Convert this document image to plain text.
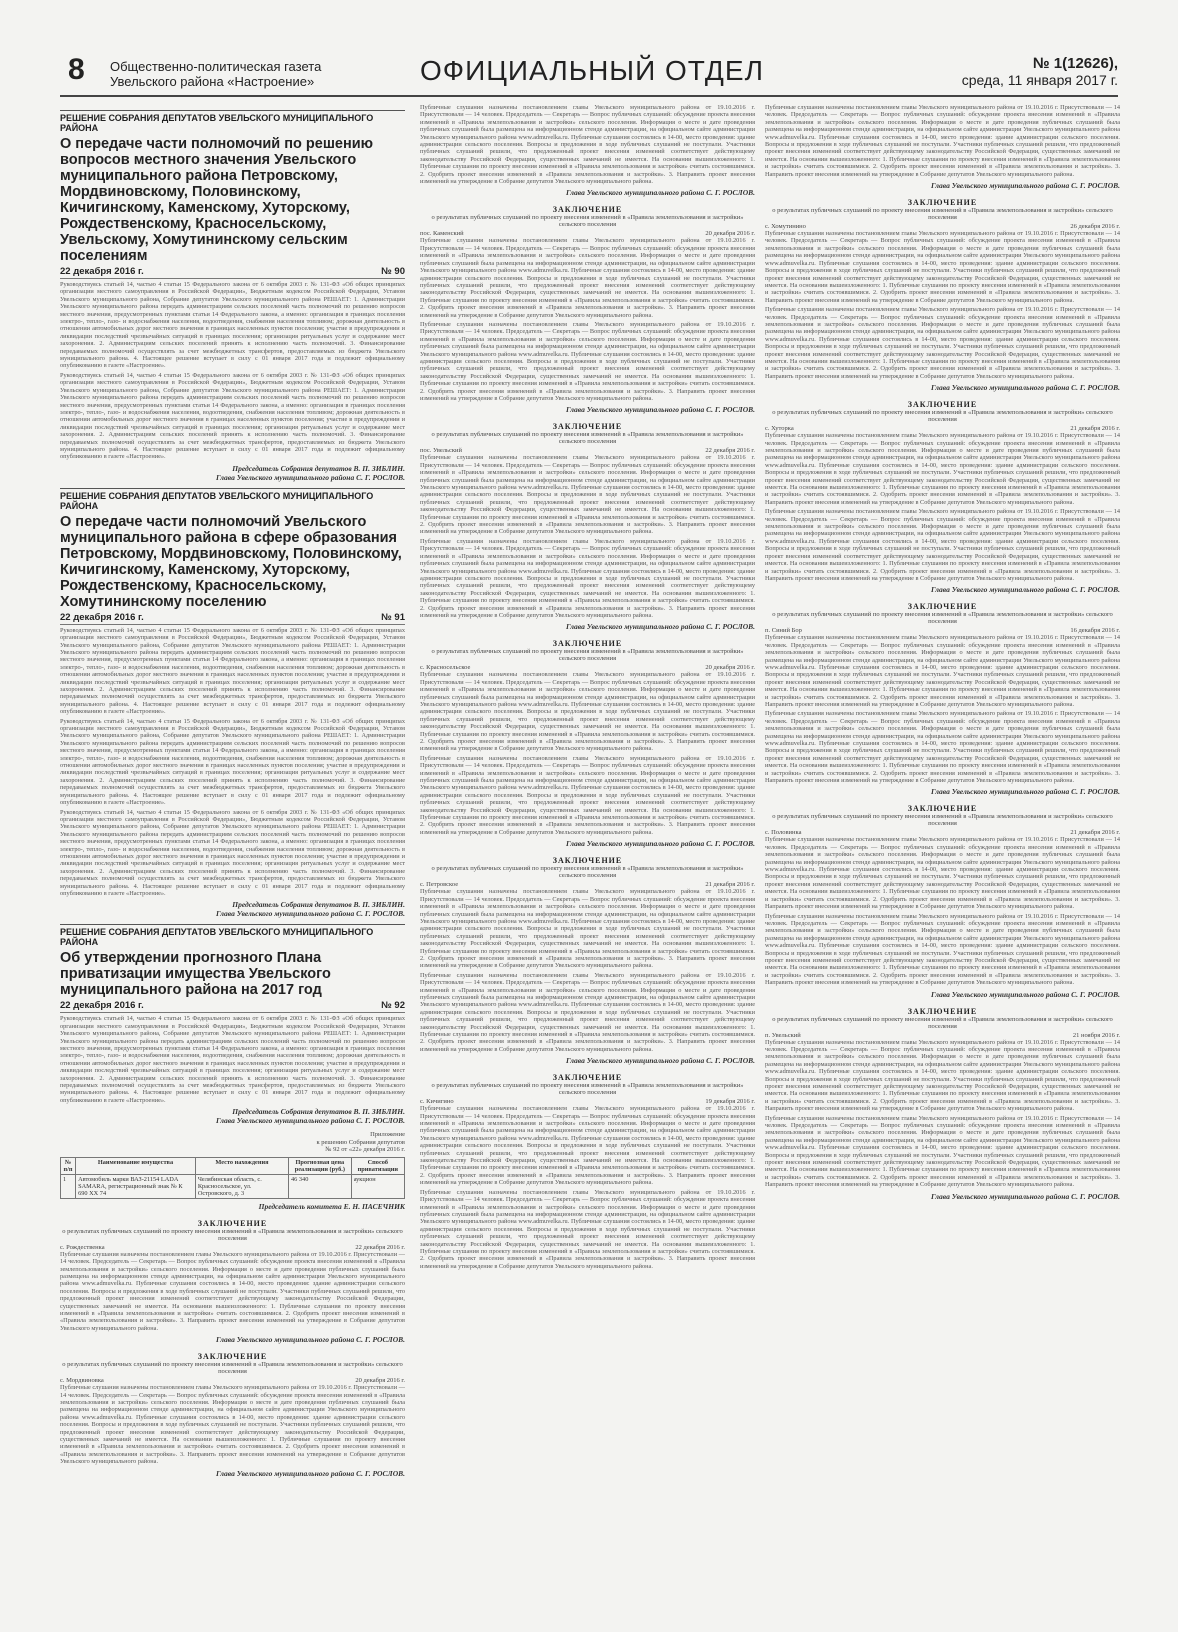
8 Общественно-политическая газета
Увельского района «Настроение»	ОФИЦИАЛЬНЫЙ ОТДЕЛ	№ 1(12626),
среда, 11 января 2017 г.
РЕШЕНИЕ СОБРАНИЯ ДЕПУТАТОВ УВЕЛЬСКОГО МУНИЦИПАЛЬНОГО РАЙОНА
О передаче части полномочий по решению вопросов местного значения Увельского муниципального района Петровскому, Мордвиновскому, Половинскому, Кичигинскому, Каменскому, Хуторскому, Рождественскому, Красносельскому, Увельскому, Хомутининскому сельским поселениям
22 декабря 2016 г.	№ 90

Руководствуясь статьей 14, частью 4 статьи 15 Федерального закона от 6 октября 2003 г. № 131-ФЗ «Об общих принципах организации местного самоуправления в Российской Федерации», Бюджетным кодексом Российской Федерации, Уставом Увельского муниципального района, Собрание депутатов Увельского муниципального района РЕШАЕТ: 1. Администрации Увельского муниципального района передать администрациям сельских поселений часть полномочий по решению вопросов местного значения, предусмотренных пунктами статьи 14 Федерального закона, а именно: организация в границах поселения электро-, тепло-, газо- и водоснабжения населения, водоотведения, снабжения населения топливом; дорожная деятельность в отношении автомобильных дорог местного значения в границах населенных пунктов поселения; участие в предупреждении и ликвидации последствий чрезвычайных ситуаций в границах поселения; организация ритуальных услуг и содержание мест захоронения. 2. Администрациям сельских поселений принять к исполнению часть полномочий. 3. Финансирование передаваемых полномочий осуществлять за счет межбюджетных трансфертов, предоставляемых из бюджета Увельского муниципального района. 4. Настоящее решение вступает в силу с 01 января 2017 года и подлежит официальному опубликованию в газете «Настроение».

Руководствуясь статьей 14, частью 4 статьи 15 Федерального закона от 6 октября 2003 г. № 131-ФЗ «Об общих принципах организации местного самоуправления в Российской Федерации», Бюджетным кодексом Российской Федерации, Уставом Увельского муниципального района, Собрание депутатов Увельского муниципального района РЕШАЕТ: 1. Администрации Увельского муниципального района передать администрациям сельских поселений часть полномочий по решению вопросов местного значения, предусмотренных пунктами статьи 14 Федерального закона, а именно: организация в границах поселения электро-, тепло-, газо- и водоснабжения населения, водоотведения, снабжения населения топливом; дорожная деятельность в отношении автомобильных дорог местного значения в границах населенных пунктов поселения; участие в предупреждении и ликвидации последствий чрезвычайных ситуаций в границах поселения; организация ритуальных услуг и содержание мест захоронения. 2. Администрациям сельских поселений принять к исполнению часть полномочий. 3. Финансирование передаваемых полномочий осуществлять за счет межбюджетных трансфертов, предоставляемых из бюджета Увельского муниципального района. 4. Настоящее решение вступает в силу с 01 января 2017 года и подлежит официальному опубликованию в газете «Настроение».

Председатель Собрания депутатов В. П. ЗИБЛИН.
Глава Увельского муниципального района С. Г. РОСЛОВ.
РЕШЕНИЕ СОБРАНИЯ ДЕПУТАТОВ УВЕЛЬСКОГО МУНИЦИПАЛЬНОГО РАЙОНА
О передаче части полномочий Увельского муниципального района в сфере образования Петровскому, Мордвиновскому, Половинскому, Кичигинскому, Каменскому, Хуторскому, Рождественскому, Красносельскому, Хомутининскому поселению
22 декабря 2016 г.	№ 91

Руководствуясь статьей 14, частью 4 статьи 15 Федерального закона от 6 октября 2003 г. № 131-ФЗ «Об общих принципах организации местного самоуправления в Российской Федерации», Бюджетным кодексом Российской Федерации, Уставом Увельского муниципального района, Собрание депутатов Увельского муниципального района РЕШАЕТ: 1. Администрации Увельского муниципального района передать администрациям сельских поселений часть полномочий по решению вопросов местного значения, предусмотренных пунктами статьи 14 Федерального закона, а именно: организация в границах поселения электро-, тепло-, газо- и водоснабжения населения, водоотведения, снабжения населения топливом; дорожная деятельность в отношении автомобильных дорог местного значения в границах населенных пунктов поселения; участие в предупреждении и ликвидации последствий чрезвычайных ситуаций в границах поселения; организация ритуальных услуг и содержание мест захоронения. 2. Администрациям сельских поселений принять к исполнению часть полномочий. 3. Финансирование передаваемых полномочий осуществлять за счет межбюджетных трансфертов, предоставляемых из бюджета Увельского муниципального района. 4. Настоящее решение вступает в силу с 01 января 2017 года и подлежит официальному опубликованию в газете «Настроение».

Руководствуясь статьей 14, частью 4 статьи 15 Федерального закона от 6 октября 2003 г. № 131-ФЗ «Об общих принципах организации местного самоуправления в Российской Федерации», Бюджетным кодексом Российской Федерации, Уставом Увельского муниципального района, Собрание депутатов Увельского муниципального района РЕШАЕТ: 1. Администрации Увельского муниципального района передать администрациям сельских поселений часть полномочий по решению вопросов местного значения, предусмотренных пунктами статьи 14 Федерального закона, а именно: организация в границах поселения электро-, тепло-, газо- и водоснабжения населения, водоотведения, снабжения населения топливом; дорожная деятельность в отношении автомобильных дорог местного значения в границах населенных пунктов поселения; участие в предупреждении и ликвидации последствий чрезвычайных ситуаций в границах поселения; организация ритуальных услуг и содержание мест захоронения. 2. Администрациям сельских поселений принять к исполнению часть полномочий. 3. Финансирование передаваемых полномочий осуществлять за счет межбюджетных трансфертов, предоставляемых из бюджета Увельского муниципального района. 4. Настоящее решение вступает в силу с 01 января 2017 года и подлежит официальному опубликованию в газете «Настроение».

Руководствуясь статьей 14, частью 4 статьи 15 Федерального закона от 6 октября 2003 г. № 131-ФЗ «Об общих принципах организации местного самоуправления в Российской Федерации», Бюджетным кодексом Российской Федерации, Уставом Увельского муниципального района, Собрание депутатов Увельского муниципального района РЕШАЕТ: 1. Администрации Увельского муниципального района передать администрациям сельских поселений часть полномочий по решению вопросов местного значения, предусмотренных пунктами статьи 14 Федерального закона, а именно: организация в границах поселения электро-, тепло-, газо- и водоснабжения населения, водоотведения, снабжения населения топливом; дорожная деятельность в отношении автомобильных дорог местного значения в границах населенных пунктов поселения; участие в предупреждении и ликвидации последствий чрезвычайных ситуаций в границах поселения; организация ритуальных услуг и содержание мест захоронения. 2. Администрациям сельских поселений принять к исполнению часть полномочий. 3. Финансирование передаваемых полномочий осуществлять за счет межбюджетных трансфертов, предоставляемых из бюджета Увельского муниципального района. 4. Настоящее решение вступает в силу с 01 января 2017 года и подлежит официальному опубликованию в газете «Настроение».

Председатель Собрания депутатов В. П. ЗИБЛИН.
Глава Увельского муниципального района С. Г. РОСЛОВ.
РЕШЕНИЕ СОБРАНИЯ ДЕПУТАТОВ УВЕЛЬСКОГО МУНИЦИПАЛЬНОГО РАЙОНА
Об утверждении прогнозного Плана приватизации имущества Увельского муниципального района на 2017 год
22 декабря 2016 г.	№ 92

Руководствуясь статьей 14, частью 4 статьи 15 Федерального закона от 6 октября 2003 г. № 131-ФЗ «Об общих принципах организации местного самоуправления в Российской Федерации», Бюджетным кодексом Российской Федерации, Уставом Увельского муниципального района, Собрание депутатов Увельского муниципального района РЕШАЕТ: 1. Администрации Увельского муниципального района передать администрациям сельских поселений часть полномочий по решению вопросов местного значения, предусмотренных пунктами статьи 14 Федерального закона, а именно: организация в границах поселения электро-, тепло-, газо- и водоснабжения населения, водоотведения, снабжения населения топливом; дорожная деятельность в отношении автомобильных дорог местного значения в границах населенных пунктов поселения; участие в предупреждении и ликвидации последствий чрезвычайных ситуаций в границах поселения; организация ритуальных услуг и содержание мест захоронения. 2. Администрациям сельских поселений принять к исполнению часть полномочий. 3. Финансирование передаваемых полномочий осуществлять за счет межбюджетных трансфертов, предоставляемых из бюджета Увельского муниципального района. 4. Настоящее решение вступает в силу с 01 января 2017 года и подлежит официальному опубликованию в газете «Настроение».

Председатель Собрания депутатов В. П. ЗИБЛИН.
Глава Увельского муниципального района С. Г. РОСЛОВ.
Приложение
к решению Собрания депутатов
№ 92 от «22» декабря 2016 г.
№ п/п	Наименование имущества	Место нахождения	Прогнозная цена реализации (руб.)	Способ приватизации
1	Автомобиль марки ВАЗ-21154 LADA SAMARA, регистрационный знак № К 690 ХХ 74	Челябинская область, с. Красносельское, ул. Островского, д. 3	46 340	аукцион
Председатель комитета Е. Н. ПАСЕЧНИК
ЗАКЛЮЧЕНИЕ
о результатах публичных слушаний по проекту внесения изменений в «Правила землепользования и застройки» сельского поселения
с. Рождественка	22 декабря 2016 г.

Публичные слушания назначены постановлением главы Увельского муниципального района от 19.10.2016 г. Присутствовали — 14 человек. Председатель — Секретарь — Вопрос публичных слушаний: обсуждение проекта внесения изменений в «Правила землепользования и застройки» сельского поселения. Информация о месте и дате проведения публичных слушаний была размещена на информационном стенде администрации, на официальном сайте администрации Увельского муниципального района www.admuvelka.ru. Публичные слушания состоялись в 14-00, место проведения: здание администрации сельского поселения. Вопросы и предложения в ходе публичных слушаний не поступали. Участники публичных слушаний решили, что предложенный проект внесения изменений соответствует действующему законодательству Российской Федерации, существенных замечаний не имеется. На основании вышеизложенного: 1. Публичные слушания по проекту внесения изменений в «Правила землепользования и застройки» считать состоявшимися. 2. Одобрить проект внесения изменений в «Правила землепользования и застройки». 3. Направить проект внесения изменений на утверждение в Собрание депутатов Увельского муниципального района.

Глава Увельского муниципального района С. Г. РОСЛОВ.
ЗАКЛЮЧЕНИЕ
о результатах публичных слушаний по проекту внесения изменений в «Правила землепользования и застройки» сельского поселения
с. Мордвиновка	20 декабря 2016 г.

Публичные слушания назначены постановлением главы Увельского муниципального района от 19.10.2016 г. Присутствовали — 14 человек. Председатель — Секретарь — Вопрос публичных слушаний: обсуждение проекта внесения изменений в «Правила землепользования и застройки» сельского поселения. Информация о месте и дате проведения публичных слушаний была размещена на информационном стенде администрации, на официальном сайте администрации Увельского муниципального района www.admuvelka.ru. Публичные слушания состоялись в 14-00, место проведения: здание администрации сельского поселения. Вопросы и предложения в ходе публичных слушаний не поступали. Участники публичных слушаний решили, что предложенный проект внесения изменений соответствует действующему законодательству Российской Федерации, существенных замечаний не имеется. На основании вышеизложенного: 1. Публичные слушания по проекту внесения изменений в «Правила землепользования и застройки» считать состоявшимися. 2. Одобрить проект внесения изменений в «Правила землепользования и застройки». 3. Направить проект внесения изменений на утверждение в Собрание депутатов Увельского муниципального района.

Глава Увельского муниципального района С. Г. РОСЛОВ.

Публичные слушания назначены постановлением главы Увельского муниципального района от 19.10.2016 г. Присутствовали — 14 человек. Председатель — Секретарь — Вопрос публичных слушаний: обсуждение проекта внесения изменений в «Правила землепользования и застройки» сельского поселения. Информация о месте и дате проведения публичных слушаний была размещена на информационном стенде администрации, на официальном сайте администрации Увельского муниципального района www.admuvelka.ru. Публичные слушания состоялись в 14-00, место проведения: здание администрации сельского поселения. Вопросы и предложения в ходе публичных слушаний не поступали. Участники публичных слушаний решили, что предложенный проект внесения изменений соответствует действующему законодательству Российской Федерации, существенных замечаний не имеется. На основании вышеизложенного: 1. Публичные слушания по проекту внесения изменений в «Правила землепользования и застройки» считать состоявшимися. 2. Одобрить проект внесения изменений в «Правила землепользования и застройки». 3. Направить проект внесения изменений на утверждение в Собрание депутатов Увельского муниципального района.

Глава Увельского муниципального района С. Г. РОСЛОВ.
ЗАКЛЮЧЕНИЕ
о результатах публичных слушаний по проекту внесения изменений в «Правила землепользования и застройки» сельского поселения
пос. Каменский	20 декабря 2016 г.

Публичные слушания назначены постановлением главы Увельского муниципального района от 19.10.2016 г. Присутствовали — 14 человек. Председатель — Секретарь — Вопрос публичных слушаний: обсуждение проекта внесения изменений в «Правила землепользования и застройки» сельского поселения. Информация о месте и дате проведения публичных слушаний была размещена на информационном стенде администрации, на официальном сайте администрации Увельского муниципального района www.admuvelka.ru. Публичные слушания состоялись в 14-00, место проведения: здание администрации сельского поселения. Вопросы и предложения в ходе публичных слушаний не поступали. Участники публичных слушаний решили, что предложенный проект внесения изменений соответствует действующему законодательству Российской Федерации, существенных замечаний не имеется. На основании вышеизложенного: 1. Публичные слушания по проекту внесения изменений в «Правила землепользования и застройки» считать состоявшимися. 2. Одобрить проект внесения изменений в «Правила землепользования и застройки». 3. Направить проект внесения изменений на утверждение в Собрание депутатов Увельского муниципального района.

Публичные слушания назначены постановлением главы Увельского муниципального района от 19.10.2016 г. Присутствовали — 14 человек. Председатель — Секретарь — Вопрос публичных слушаний: обсуждение проекта внесения изменений в «Правила землепользования и застройки» сельского поселения. Информация о месте и дате проведения публичных слушаний была размещена на информационном стенде администрации, на официальном сайте администрации Увельского муниципального района www.admuvelka.ru. Публичные слушания состоялись в 14-00, место проведения: здание администрации сельского поселения. Вопросы и предложения в ходе публичных слушаний не поступали. Участники публичных слушаний решили, что предложенный проект внесения изменений соответствует действующему законодательству Российской Федерации, существенных замечаний не имеется. На основании вышеизложенного: 1. Публичные слушания по проекту внесения изменений в «Правила землепользования и застройки» считать состоявшимися. 2. Одобрить проект внесения изменений в «Правила землепользования и застройки». 3. Направить проект внесения изменений на утверждение в Собрание депутатов Увельского муниципального района.

Глава Увельского муниципального района С. Г. РОСЛОВ.
ЗАКЛЮЧЕНИЕ
о результатах публичных слушаний по проекту внесения изменений в «Правила землепользования и застройки» сельского поселения
пос. Увельский	22 декабря 2016 г.

Публичные слушания назначены постановлением главы Увельского муниципального района от 19.10.2016 г. Присутствовали — 14 человек. Председатель — Секретарь — Вопрос публичных слушаний: обсуждение проекта внесения изменений в «Правила землепользования и застройки» сельского поселения. Информация о месте и дате проведения публичных слушаний была размещена на информационном стенде администрации, на официальном сайте администрации Увельского муниципального района www.admuvelka.ru. Публичные слушания состоялись в 14-00, место проведения: здание администрации сельского поселения. Вопросы и предложения в ходе публичных слушаний не поступали. Участники публичных слушаний решили, что предложенный проект внесения изменений соответствует действующему законодательству Российской Федерации, существенных замечаний не имеется. На основании вышеизложенного: 1. Публичные слушания по проекту внесения изменений в «Правила землепользования и застройки» считать состоявшимися. 2. Одобрить проект внесения изменений в «Правила землепользования и застройки». 3. Направить проект внесения изменений на утверждение в Собрание депутатов Увельского муниципального района.

Публичные слушания назначены постановлением главы Увельского муниципального района от 19.10.2016 г. Присутствовали — 14 человек. Председатель — Секретарь — Вопрос публичных слушаний: обсуждение проекта внесения изменений в «Правила землепользования и застройки» сельского поселения. Информация о месте и дате проведения публичных слушаний была размещена на информационном стенде администрации, на официальном сайте администрации Увельского муниципального района www.admuvelka.ru. Публичные слушания состоялись в 14-00, место проведения: здание администрации сельского поселения. Вопросы и предложения в ходе публичных слушаний не поступали. Участники публичных слушаний решили, что предложенный проект внесения изменений соответствует действующему законодательству Российской Федерации, существенных замечаний не имеется. На основании вышеизложенного: 1. Публичные слушания по проекту внесения изменений в «Правила землепользования и застройки» считать состоявшимися. 2. Одобрить проект внесения изменений в «Правила землепользования и застройки». 3. Направить проект внесения изменений на утверждение в Собрание депутатов Увельского муниципального района.

Глава Увельского муниципального района С. Г. РОСЛОВ.
ЗАКЛЮЧЕНИЕ
о результатах публичных слушаний по проекту внесения изменений в «Правила землепользования и застройки» сельского поселения
с. Красносельское	20 декабря 2016 г.

Публичные слушания назначены постановлением главы Увельского муниципального района от 19.10.2016 г. Присутствовали — 14 человек. Председатель — Секретарь — Вопрос публичных слушаний: обсуждение проекта внесения изменений в «Правила землепользования и застройки» сельского поселения. Информация о месте и дате проведения публичных слушаний была размещена на информационном стенде администрации, на официальном сайте администрации Увельского муниципального района www.admuvelka.ru. Публичные слушания состоялись в 14-00, место проведения: здание администрации сельского поселения. Вопросы и предложения в ходе публичных слушаний не поступали. Участники публичных слушаний решили, что предложенный проект внесения изменений соответствует действующему законодательству Российской Федерации, существенных замечаний не имеется. На основании вышеизложенного: 1. Публичные слушания по проекту внесения изменений в «Правила землепользования и застройки» считать состоявшимися. 2. Одобрить проект внесения изменений в «Правила землепользования и застройки». 3. Направить проект внесения изменений на утверждение в Собрание депутатов Увельского муниципального района.

Публичные слушания назначены постановлением главы Увельского муниципального района от 19.10.2016 г. Присутствовали — 14 человек. Председатель — Секретарь — Вопрос публичных слушаний: обсуждение проекта внесения изменений в «Правила землепользования и застройки» сельского поселения. Информация о месте и дате проведения публичных слушаний была размещена на информационном стенде администрации, на официальном сайте администрации Увельского муниципального района www.admuvelka.ru. Публичные слушания состоялись в 14-00, место проведения: здание администрации сельского поселения. Вопросы и предложения в ходе публичных слушаний не поступали. Участники публичных слушаний решили, что предложенный проект внесения изменений соответствует действующему законодательству Российской Федерации, существенных замечаний не имеется. На основании вышеизложенного: 1. Публичные слушания по проекту внесения изменений в «Правила землепользования и застройки» считать состоявшимися. 2. Одобрить проект внесения изменений в «Правила землепользования и застройки». 3. Направить проект внесения изменений на утверждение в Собрание депутатов Увельского муниципального района.

Глава Увельского муниципального района С. Г. РОСЛОВ.
ЗАКЛЮЧЕНИЕ
о результатах публичных слушаний по проекту внесения изменений в «Правила землепользования и застройки» сельского поселения
с. Петровское	21 декабря 2016 г.

Публичные слушания назначены постановлением главы Увельского муниципального района от 19.10.2016 г. Присутствовали — 14 человек. Председатель — Секретарь — Вопрос публичных слушаний: обсуждение проекта внесения изменений в «Правила землепользования и застройки» сельского поселения. Информация о месте и дате проведения публичных слушаний была размещена на информационном стенде администрации, на официальном сайте администрации Увельского муниципального района www.admuvelka.ru. Публичные слушания состоялись в 14-00, место проведения: здание администрации сельского поселения. Вопросы и предложения в ходе публичных слушаний не поступали. Участники публичных слушаний решили, что предложенный проект внесения изменений соответствует действующему законодательству Российской Федерации, существенных замечаний не имеется. На основании вышеизложенного: 1. Публичные слушания по проекту внесения изменений в «Правила землепользования и застройки» считать состоявшимися. 2. Одобрить проект внесения изменений в «Правила землепользования и застройки». 3. Направить проект внесения изменений на утверждение в Собрание депутатов Увельского муниципального района.

Публичные слушания назначены постановлением главы Увельского муниципального района от 19.10.2016 г. Присутствовали — 14 человек. Председатель — Секретарь — Вопрос публичных слушаний: обсуждение проекта внесения изменений в «Правила землепользования и застройки» сельского поселения. Информация о месте и дате проведения публичных слушаний была размещена на информационном стенде администрации, на официальном сайте администрации Увельского муниципального района www.admuvelka.ru. Публичные слушания состоялись в 14-00, место проведения: здание администрации сельского поселения. Вопросы и предложения в ходе публичных слушаний не поступали. Участники публичных слушаний решили, что предложенный проект внесения изменений соответствует действующему законодательству Российской Федерации, существенных замечаний не имеется. На основании вышеизложенного: 1. Публичные слушания по проекту внесения изменений в «Правила землепользования и застройки» считать состоявшимися. 2. Одобрить проект внесения изменений в «Правила землепользования и застройки». 3. Направить проект внесения изменений на утверждение в Собрание депутатов Увельского муниципального района.

Глава Увельского муниципального района С. Г. РОСЛОВ.
ЗАКЛЮЧЕНИЕ
о результатах публичных слушаний по проекту внесения изменений в «Правила землепользования и застройки» сельского поселения
с. Кичигино	19 декабря 2016 г.

Публичные слушания назначены постановлением главы Увельского муниципального района от 19.10.2016 г. Присутствовали — 14 человек. Председатель — Секретарь — Вопрос публичных слушаний: обсуждение проекта внесения изменений в «Правила землепользования и застройки» сельского поселения. Информация о месте и дате проведения публичных слушаний была размещена на информационном стенде администрации, на официальном сайте администрации Увельского муниципального района www.admuvelka.ru. Публичные слушания состоялись в 14-00, место проведения: здание администрации сельского поселения. Вопросы и предложения в ходе публичных слушаний не поступали. Участники публичных слушаний решили, что предложенный проект внесения изменений соответствует действующему законодательству Российской Федерации, существенных замечаний не имеется. На основании вышеизложенного: 1. Публичные слушания по проекту внесения изменений в «Правила землепользования и застройки» считать состоявшимися. 2. Одобрить проект внесения изменений в «Правила землепользования и застройки». 3. Направить проект внесения изменений на утверждение в Собрание депутатов Увельского муниципального района.

Публичные слушания назначены постановлением главы Увельского муниципального района от 19.10.2016 г. Присутствовали — 14 человек. Председатель — Секретарь — Вопрос публичных слушаний: обсуждение проекта внесения изменений в «Правила землепользования и застройки» сельского поселения. Информация о месте и дате проведения публичных слушаний была размещена на информационном стенде администрации, на официальном сайте администрации Увельского муниципального района www.admuvelka.ru. Публичные слушания состоялись в 14-00, место проведения: здание администрации сельского поселения. Вопросы и предложения в ходе публичных слушаний не поступали. Участники публичных слушаний решили, что предложенный проект внесения изменений соответствует действующему законодательству Российской Федерации, существенных замечаний не имеется. На основании вышеизложенного: 1. Публичные слушания по проекту внесения изменений в «Правила землепользования и застройки» считать состоявшимися. 2. Одобрить проект внесения изменений в «Правила землепользования и застройки». 3. Направить проект внесения изменений на утверждение в Собрание депутатов Увельского муниципального района.

Публичные слушания назначены постановлением главы Увельского муниципального района от 19.10.2016 г. Присутствовали — 14 человек. Председатель — Секретарь — Вопрос публичных слушаний: обсуждение проекта внесения изменений в «Правила землепользования и застройки» сельского поселения. Информация о месте и дате проведения публичных слушаний была размещена на информационном стенде администрации, на официальном сайте администрации Увельского муниципального района www.admuvelka.ru. Публичные слушания состоялись в 14-00, место проведения: здание администрации сельского поселения. Вопросы и предложения в ходе публичных слушаний не поступали. Участники публичных слушаний решили, что предложенный проект внесения изменений соответствует действующему законодательству Российской Федерации, существенных замечаний не имеется. На основании вышеизложенного: 1. Публичные слушания по проекту внесения изменений в «Правила землепользования и застройки» считать состоявшимися. 2. Одобрить проект внесения изменений в «Правила землепользования и застройки». 3. Направить проект внесения изменений на утверждение в Собрание депутатов Увельского муниципального района.

Глава Увельского муниципального района С. Г. РОСЛОВ.
ЗАКЛЮЧЕНИЕ
о результатах публичных слушаний по проекту внесения изменений в «Правила землепользования и застройки» сельского поселения
с. Хомутинино	26 декабря 2016 г.

Публичные слушания назначены постановлением главы Увельского муниципального района от 19.10.2016 г. Присутствовали — 14 человек. Председатель — Секретарь — Вопрос публичных слушаний: обсуждение проекта внесения изменений в «Правила землепользования и застройки» сельского поселения. Информация о месте и дате проведения публичных слушаний была размещена на информационном стенде администрации, на официальном сайте администрации Увельского муниципального района www.admuvelka.ru. Публичные слушания состоялись в 14-00, место проведения: здание администрации сельского поселения. Вопросы и предложения в ходе публичных слушаний не поступали. Участники публичных слушаний решили, что предложенный проект внесения изменений соответствует действующему законодательству Российской Федерации, существенных замечаний не имеется. На основании вышеизложенного: 1. Публичные слушания по проекту внесения изменений в «Правила землепользования и застройки» считать состоявшимися. 2. Одобрить проект внесения изменений в «Правила землепользования и застройки». 3. Направить проект внесения изменений на утверждение в Собрание депутатов Увельского муниципального района.

Публичные слушания назначены постановлением главы Увельского муниципального района от 19.10.2016 г. Присутствовали — 14 человек. Председатель — Секретарь — Вопрос публичных слушаний: обсуждение проекта внесения изменений в «Правила землепользования и застройки» сельского поселения. Информация о месте и дате проведения публичных слушаний была размещена на информационном стенде администрации, на официальном сайте администрации Увельского муниципального района www.admuvelka.ru. Публичные слушания состоялись в 14-00, место проведения: здание администрации сельского поселения. Вопросы и предложения в ходе публичных слушаний не поступали. Участники публичных слушаний решили, что предложенный проект внесения изменений соответствует действующему законодательству Российской Федерации, существенных замечаний не имеется. На основании вышеизложенного: 1. Публичные слушания по проекту внесения изменений в «Правила землепользования и застройки» считать состоявшимися. 2. Одобрить проект внесения изменений в «Правила землепользования и застройки». 3. Направить проект внесения изменений на утверждение в Собрание депутатов Увельского муниципального района.

Глава Увельского муниципального района С. Г. РОСЛОВ.
ЗАКЛЮЧЕНИЕ
о результатах публичных слушаний по проекту внесения изменений в «Правила землепользования и застройки» сельского поселения
с. Хуторка	21 декабря 2016 г.

Публичные слушания назначены постановлением главы Увельского муниципального района от 19.10.2016 г. Присутствовали — 14 человек. Председатель — Секретарь — Вопрос публичных слушаний: обсуждение проекта внесения изменений в «Правила землепользования и застройки» сельского поселения. Информация о месте и дате проведения публичных слушаний была размещена на информационном стенде администрации, на официальном сайте администрации Увельского муниципального района www.admuvelka.ru. Публичные слушания состоялись в 14-00, место проведения: здание администрации сельского поселения. Вопросы и предложения в ходе публичных слушаний не поступали. Участники публичных слушаний решили, что предложенный проект внесения изменений соответствует действующему законодательству Российской Федерации, существенных замечаний не имеется. На основании вышеизложенного: 1. Публичные слушания по проекту внесения изменений в «Правила землепользования и застройки» считать состоявшимися. 2. Одобрить проект внесения изменений в «Правила землепользования и застройки». 3. Направить проект внесения изменений на утверждение в Собрание депутатов Увельского муниципального района.

Публичные слушания назначены постановлением главы Увельского муниципального района от 19.10.2016 г. Присутствовали — 14 человек. Председатель — Секретарь — Вопрос публичных слушаний: обсуждение проекта внесения изменений в «Правила землепользования и застройки» сельского поселения. Информация о месте и дате проведения публичных слушаний была размещена на информационном стенде администрации, на официальном сайте администрации Увельского муниципального района www.admuvelka.ru. Публичные слушания состоялись в 14-00, место проведения: здание администрации сельского поселения. Вопросы и предложения в ходе публичных слушаний не поступали. Участники публичных слушаний решили, что предложенный проект внесения изменений соответствует действующему законодательству Российской Федерации, существенных замечаний не имеется. На основании вышеизложенного: 1. Публичные слушания по проекту внесения изменений в «Правила землепользования и застройки» считать состоявшимися. 2. Одобрить проект внесения изменений в «Правила землепользования и застройки». 3. Направить проект внесения изменений на утверждение в Собрание депутатов Увельского муниципального района.

Глава Увельского муниципального района С. Г. РОСЛОВ.
ЗАКЛЮЧЕНИЕ
о результатах публичных слушаний по проекту внесения изменений в «Правила землепользования и застройки» сельского поселения
п. Синий Бор	16 декабря 2016 г.

Публичные слушания назначены постановлением главы Увельского муниципального района от 19.10.2016 г. Присутствовали — 14 человек. Председатель — Секретарь — Вопрос публичных слушаний: обсуждение проекта внесения изменений в «Правила землепользования и застройки» сельского поселения. Информация о месте и дате проведения публичных слушаний была размещена на информационном стенде администрации, на официальном сайте администрации Увельского муниципального района www.admuvelka.ru. Публичные слушания состоялись в 14-00, место проведения: здание администрации сельского поселения. Вопросы и предложения в ходе публичных слушаний не поступали. Участники публичных слушаний решили, что предложенный проект внесения изменений соответствует действующему законодательству Российской Федерации, существенных замечаний не имеется. На основании вышеизложенного: 1. Публичные слушания по проекту внесения изменений в «Правила землепользования и застройки» считать состоявшимися. 2. Одобрить проект внесения изменений в «Правила землепользования и застройки». 3. Направить проект внесения изменений на утверждение в Собрание депутатов Увельского муниципального района.

Публичные слушания назначены постановлением главы Увельского муниципального района от 19.10.2016 г. Присутствовали — 14 человек. Председатель — Секретарь — Вопрос публичных слушаний: обсуждение проекта внесения изменений в «Правила землепользования и застройки» сельского поселения. Информация о месте и дате проведения публичных слушаний была размещена на информационном стенде администрации, на официальном сайте администрации Увельского муниципального района www.admuvelka.ru. Публичные слушания состоялись в 14-00, место проведения: здание администрации сельского поселения. Вопросы и предложения в ходе публичных слушаний не поступали. Участники публичных слушаний решили, что предложенный проект внесения изменений соответствует действующему законодательству Российской Федерации, существенных замечаний не имеется. На основании вышеизложенного: 1. Публичные слушания по проекту внесения изменений в «Правила землепользования и застройки» считать состоявшимися. 2. Одобрить проект внесения изменений в «Правила землепользования и застройки». 3. Направить проект внесения изменений на утверждение в Собрание депутатов Увельского муниципального района.

Глава Увельского муниципального района С. Г. РОСЛОВ.
ЗАКЛЮЧЕНИЕ
о результатах публичных слушаний по проекту внесения изменений в «Правила землепользования и застройки» сельского поселения
с. Половинка	21 декабря 2016 г.

Публичные слушания назначены постановлением главы Увельского муниципального района от 19.10.2016 г. Присутствовали — 14 человек. Председатель — Секретарь — Вопрос публичных слушаний: обсуждение проекта внесения изменений в «Правила землепользования и застройки» сельского поселения. Информация о месте и дате проведения публичных слушаний была размещена на информационном стенде администрации, на официальном сайте администрации Увельского муниципального района www.admuvelka.ru. Публичные слушания состоялись в 14-00, место проведения: здание администрации сельского поселения. Вопросы и предложения в ходе публичных слушаний не поступали. Участники публичных слушаний решили, что предложенный проект внесения изменений соответствует действующему законодательству Российской Федерации, существенных замечаний не имеется. На основании вышеизложенного: 1. Публичные слушания по проекту внесения изменений в «Правила землепользования и застройки» считать состоявшимися. 2. Одобрить проект внесения изменений в «Правила землепользования и застройки». 3. Направить проект внесения изменений на утверждение в Собрание депутатов Увельского муниципального района.

Публичные слушания назначены постановлением главы Увельского муниципального района от 19.10.2016 г. Присутствовали — 14 человек. Председатель — Секретарь — Вопрос публичных слушаний: обсуждение проекта внесения изменений в «Правила землепользования и застройки» сельского поселения. Информация о месте и дате проведения публичных слушаний была размещена на информационном стенде администрации, на официальном сайте администрации Увельского муниципального района www.admuvelka.ru. Публичные слушания состоялись в 14-00, место проведения: здание администрации сельского поселения. Вопросы и предложения в ходе публичных слушаний не поступали. Участники публичных слушаний решили, что предложенный проект внесения изменений соответствует действующему законодательству Российской Федерации, существенных замечаний не имеется. На основании вышеизложенного: 1. Публичные слушания по проекту внесения изменений в «Правила землепользования и застройки» считать состоявшимися. 2. Одобрить проект внесения изменений в «Правила землепользования и застройки». 3. Направить проект внесения изменений на утверждение в Собрание депутатов Увельского муниципального района.

Глава Увельского муниципального района С. Г. РОСЛОВ.
ЗАКЛЮЧЕНИЕ
о результатах публичных слушаний по проекту внесения изменений в «Правила землепользования и застройки» сельского поселения
п. Увельский	21 ноября 2016 г.

Публичные слушания назначены постановлением главы Увельского муниципального района от 19.10.2016 г. Присутствовали — 14 человек. Председатель — Секретарь — Вопрос публичных слушаний: обсуждение проекта внесения изменений в «Правила землепользования и застройки» сельского поселения. Информация о месте и дате проведения публичных слушаний была размещена на информационном стенде администрации, на официальном сайте администрации Увельского муниципального района www.admuvelka.ru. Публичные слушания состоялись в 14-00, место проведения: здание администрации сельского поселения. Вопросы и предложения в ходе публичных слушаний не поступали. Участники публичных слушаний решили, что предложенный проект внесения изменений соответствует действующему законодательству Российской Федерации, существенных замечаний не имеется. На основании вышеизложенного: 1. Публичные слушания по проекту внесения изменений в «Правила землепользования и застройки» считать состоявшимися. 2. Одобрить проект внесения изменений в «Правила землепользования и застройки». 3. Направить проект внесения изменений на утверждение в Собрание депутатов Увельского муниципального района.

Публичные слушания назначены постановлением главы Увельского муниципального района от 19.10.2016 г. Присутствовали — 14 человек. Председатель — Секретарь — Вопрос публичных слушаний: обсуждение проекта внесения изменений в «Правила землепользования и застройки» сельского поселения. Информация о месте и дате проведения публичных слушаний была размещена на информационном стенде администрации, на официальном сайте администрации Увельского муниципального района www.admuvelka.ru. Публичные слушания состоялись в 14-00, место проведения: здание администрации сельского поселения. Вопросы и предложения в ходе публичных слушаний не поступали. Участники публичных слушаний решили, что предложенный проект внесения изменений соответствует действующему законодательству Российской Федерации, существенных замечаний не имеется. На основании вышеизложенного: 1. Публичные слушания по проекту внесения изменений в «Правила землепользования и застройки» считать состоявшимися. 2. Одобрить проект внесения изменений в «Правила землепользования и застройки». 3. Направить проект внесения изменений на утверждение в Собрание депутатов Увельского муниципального района.

Глава Увельского муниципального района С. Г. РОСЛОВ.
